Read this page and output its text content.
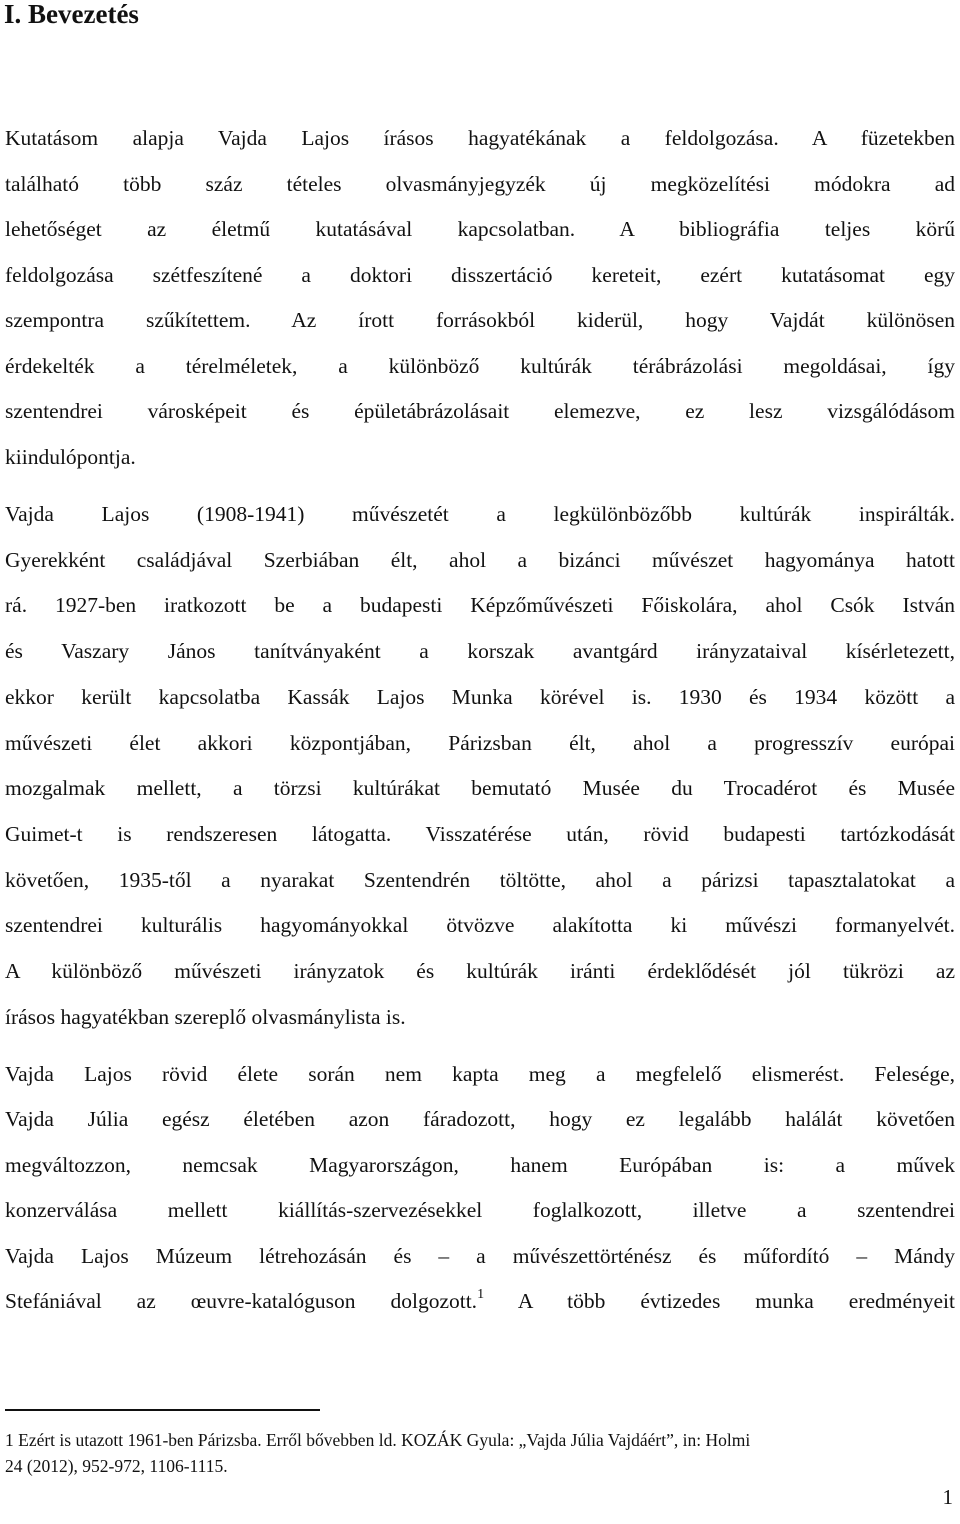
I. Bevezetés
Kutatásom alapja Vajda Lajos írásos hagyatékának a feldolgozása. A füzetekben
található több száz tételes olvasmányjegyzék új megközelítési módokra ad
lehetőséget az életmű kutatásával kapcsolatban. A bibliográfia teljes körű
feldolgozása szétfeszítené a doktori disszertáció kereteit, ezért kutatásomat egy
szempontra szűkítettem. Az írott forrásokból kiderül, hogy Vajdát különösen
érdekelték a térelméletek, a különböző kultúrák térábrázolási megoldásai, így
szentendrei városképeit és épületábrázolásait elemezve, ez lesz vizsgálódásom
kiindulópontja.
Vajda Lajos (1908-1941) művészetét a legkülönbözőbb kultúrák inspirálták.
Gyerekként családjával Szerbiában élt, ahol a bizánci művészet hagyománya hatott
rá. 1927-ben iratkozott be a budapesti Képzőművészeti Főiskolára, ahol Csók István
és Vaszary János tanítványaként a korszak avantgárd irányzataival kísérletezett,
ekkor került kapcsolatba Kassák Lajos Munka körével is. 1930 és 1934 között a
művészeti élet akkori központjában, Párizsban élt, ahol a progresszív európai
mozgalmak mellett, a törzsi kultúrákat bemutató Musée du Trocadérot és Musée
Guimet-t is rendszeresen látogatta. Visszatérése után, rövid budapesti tartózkodását
követően, 1935-től a nyarakat Szentendrén töltötte, ahol a párizsi tapasztalatokat a
szentendrei kulturális hagyományokkal ötvözve alakította ki művészi formanyelvét.
A különböző művészeti irányzatok és kultúrák iránti érdeklődését jól tükrözi az
írásos hagyatékban szereplő olvasmánylista is.
Vajda Lajos rövid élete során nem kapta meg a megfelelő elismerést. Felesége,
Vajda Júlia egész életében azon fáradozott, hogy ez legalább halálát követően
megváltozzon, nemcsak Magyarországon, hanem Európában is: a művek
konzerválása mellett kiállítás-szervezésekkel foglalkozott, illetve a szentendrei
Vajda Lajos Múzeum létrehozásán és – a művészettörténész és műfordító – Mándy
Stefániával az œuvre-katalóguson dolgozott.$^1$ A több évtizedes munka eredményeit
1 Ezért is utazott 1961-ben Párizsba. Erről bővebben ld. KOZÁK Gyula: „Vajda Júlia Vajdáért”, in: Holmi
24 (2012), 952-972, 1106-1115.
1
